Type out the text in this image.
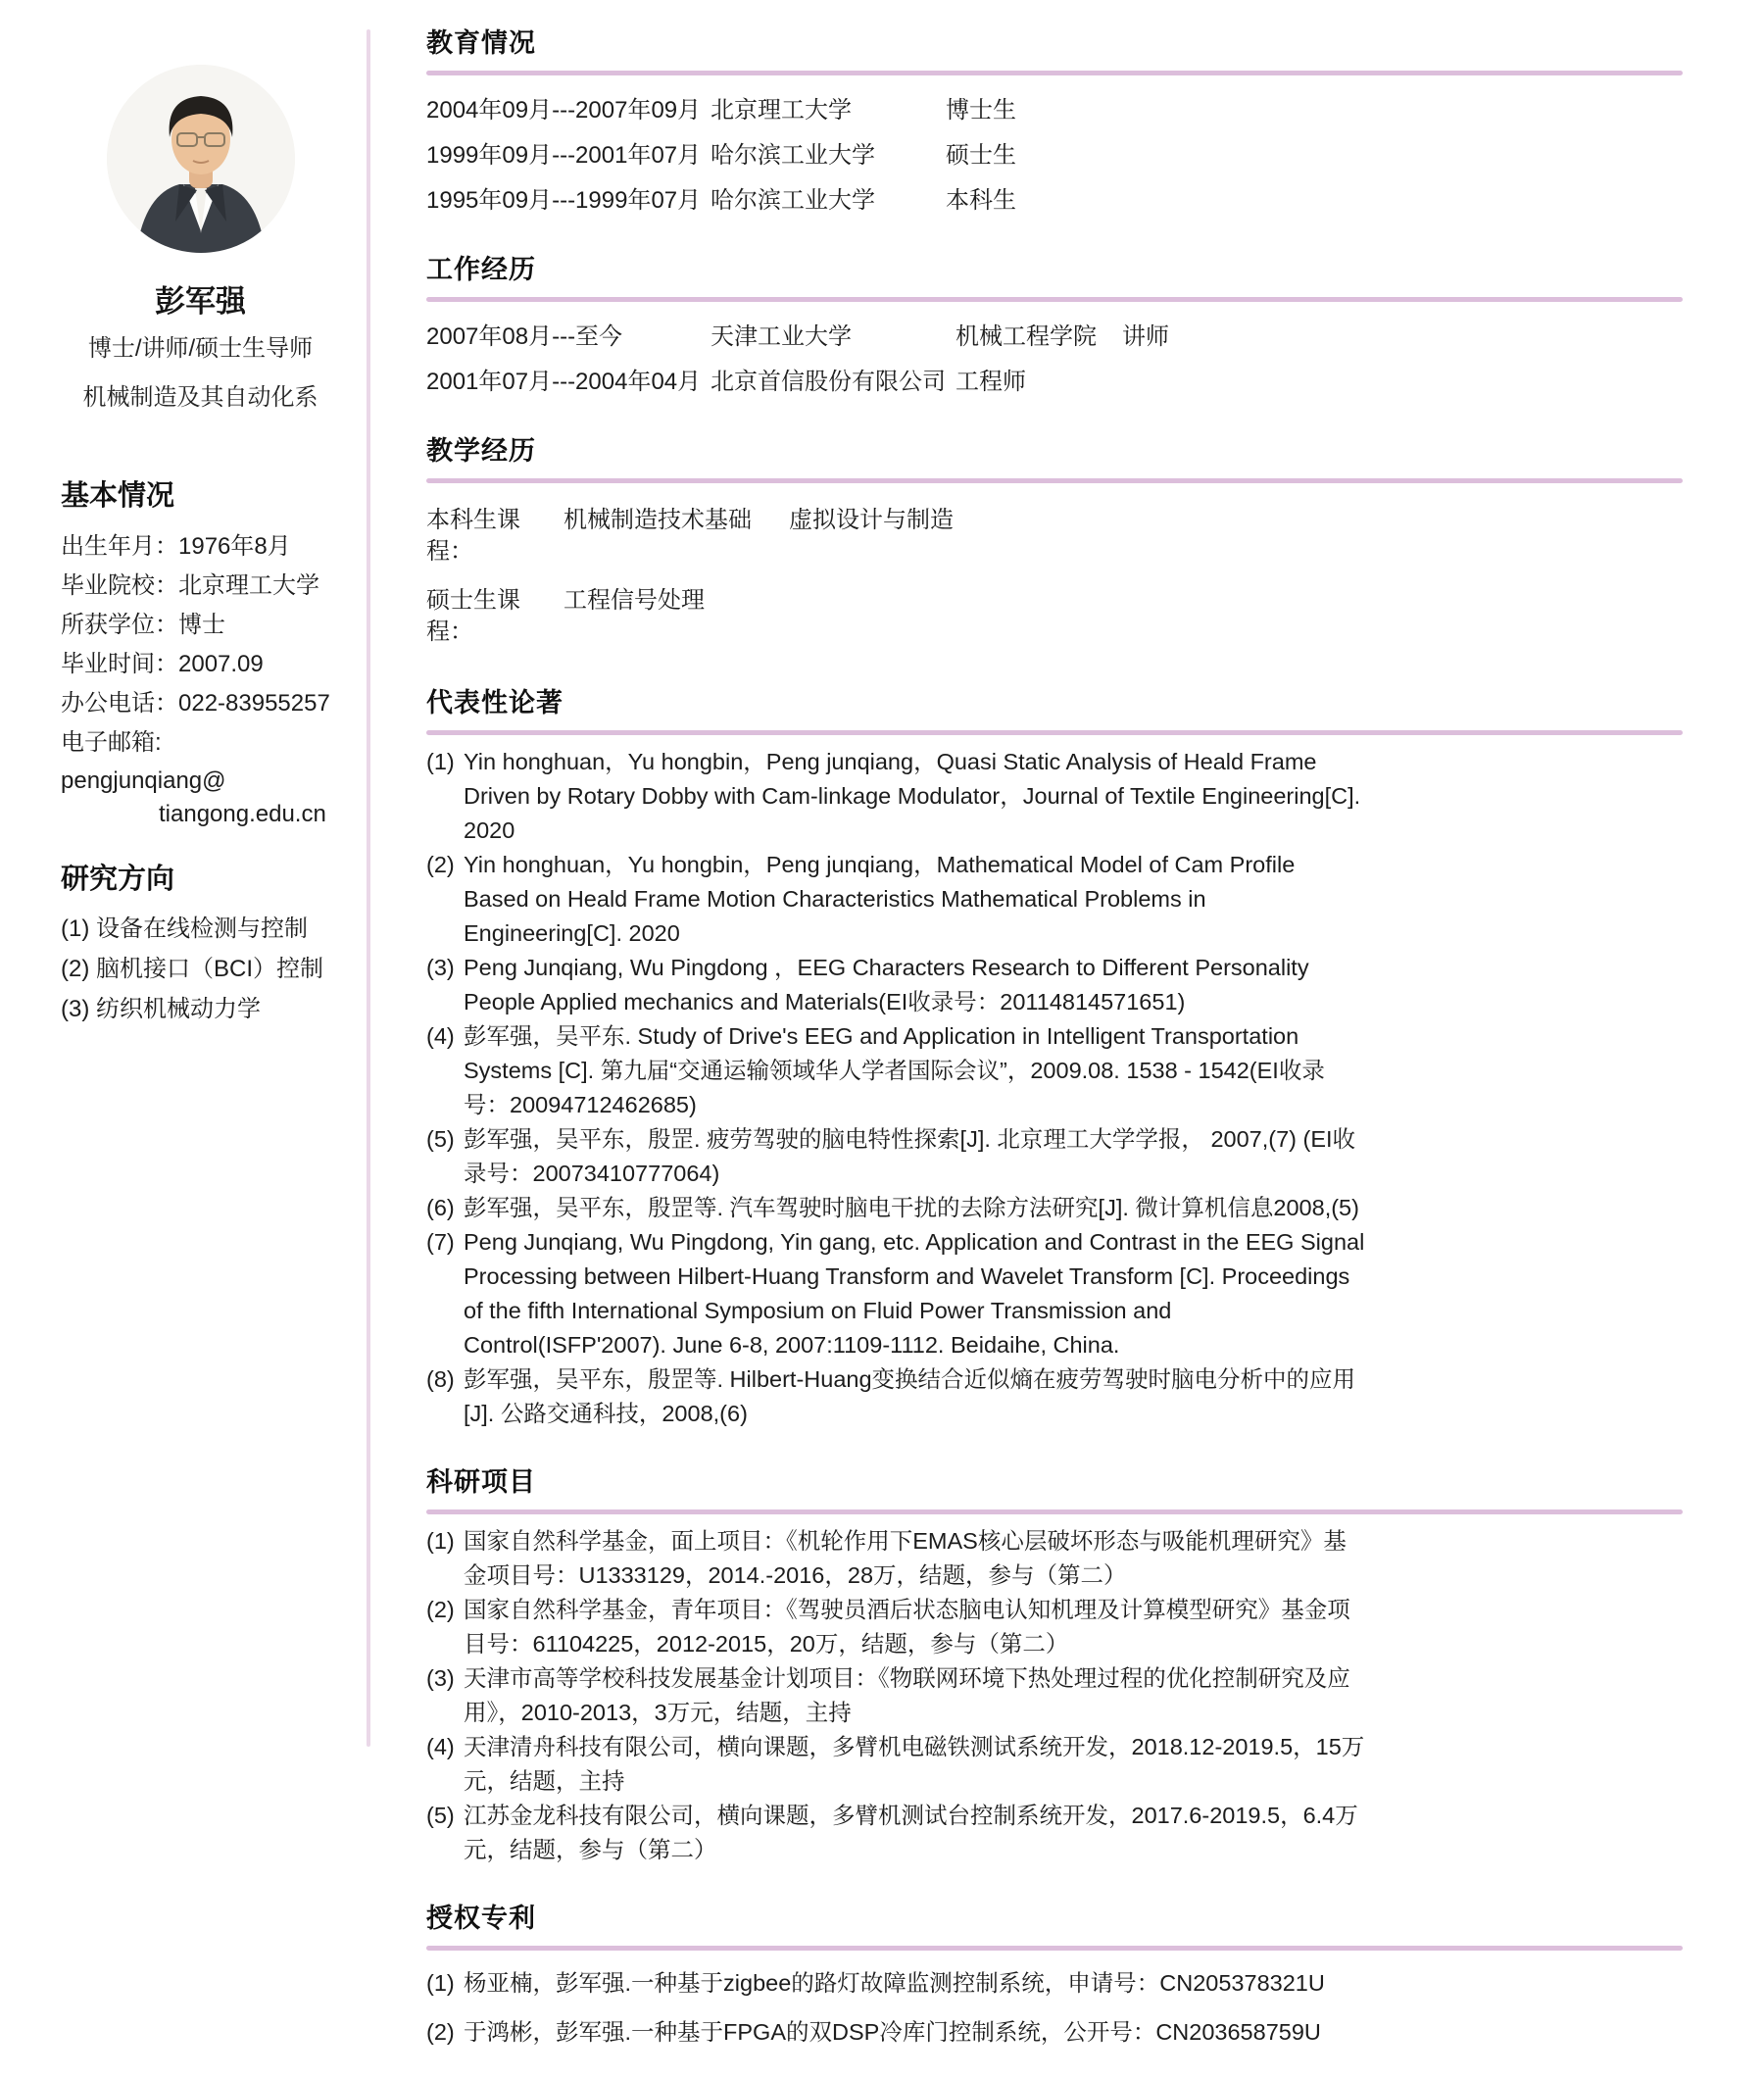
彭军强
博士/讲师/硕士生导师
机械制造及其自动化系
基本情况
出生年月：1976年8月
毕业院校：北京理工大学
所获学位：博士
毕业时间：2007.09
办公电话：022-83955257
电子邮箱:
pengjunqiang@
tiangong.edu.cn
研究方向
(1) 设备在线检测与控制
(2) 脑机接口（BCI）控制
(3) 纺织机械动力学
教育情况
2004年09月---2007年09月 北京理工大学	博士生
1999年09月---2001年07月 哈尔滨工业大学	硕士生
1995年09月---1999年07月 哈尔滨工业大学	本科生
工作经历
2007年08月---至今	天津工业大学	机械工程学院	讲师
2001年07月---2004年04月 北京首信股份有限公司 工程师
教学经历
本科生课程：
机械制造技术基础 虚拟设计与制造
硕士生课程：
工程信号处理
代表性论著
(1) Yin honghuan，Yu hongbin，Peng junqiang，Quasi Static Analysis of Heald Frame Driven by Rotary Dobby with Cam-linkage Modulator，Journal of Textile Engineering[C]. 2020
(2) Yin honghuan，Yu hongbin，Peng junqiang，Mathematical Model of Cam Profile Based on Heald Frame Motion Characteristics Mathematical Problems in Engineering[C]. 2020
(3) Peng Junqiang, Wu Pingdong ，EEG Characters Research to Different Personality People Applied mechanics and Materials(EI收录号：20114814571651)
(4) 彭军强，吴平东. Study of Drive's EEG and Application in Intelligent Transportation Systems [C]. 第九届“交通运输领域华人学者国际会议”，2009.08. 1538 - 1542(EI收录号：20094712462685)
(5) 彭军强，吴平东，殷罡. 疲劳驾驶的脑电特性探索[J]. 北京理工大学学报， 2007,(7) (EI收录号：20073410777064)
(6) 彭军强，吴平东，殷罡等. 汽车驾驶时脑电干扰的去除方法研究[J]. 微计算机信息2008,(5)
(7) Peng Junqiang, Wu Pingdong, Yin gang, etc. Application and Contrast in the EEG Signal Processing between Hilbert-Huang Transform and Wavelet Transform [C]. Proceedings of the fifth International Symposium on Fluid Power Transmission and Control(ISFP'2007). June 6-8, 2007:1109-1112. Beidaihe, China.
(8) 彭军强，吴平东，殷罡等. Hilbert-Huang变换结合近似熵在疲劳驾驶时脑电分析中的应用[J]. 公路交通科技，2008,(6)
科研项目
(1) 国家自然科学基金，面上项目：《机轮作用下EMAS核心层破坏形态与吸能机理研究》基金项目号：U1333129，2014.-2016，28万，结题，参与（第二）
(2) 国家自然科学基金，青年项目：《驾驶员酒后状态脑电认知机理及计算模型研究》基金项目号：61104225，2012-2015，20万，结题，参与（第二）
(3) 天津市高等学校科技发展基金计划项目：《物联网环境下热处理过程的优化控制研究及应用》，2010-2013，3万元，结题，主持
(4) 天津清舟科技有限公司，横向课题，多臂机电磁铁测试系统开发，2018.12-2019.5，15万元，结题，主持
(5) 江苏金龙科技有限公司，横向课题，多臂机测试台控制系统开发，2017.6-2019.5，6.4万元，结题，参与（第二）
授权专利
(1) 杨亚楠，彭军强.一种基于zigbee的路灯故障监测控制系统，申请号：CN205378321U
(2) 于鸿彬，彭军强.一种基于FPGA的双DSP冷库门控制系统，公开号：CN203658759U
